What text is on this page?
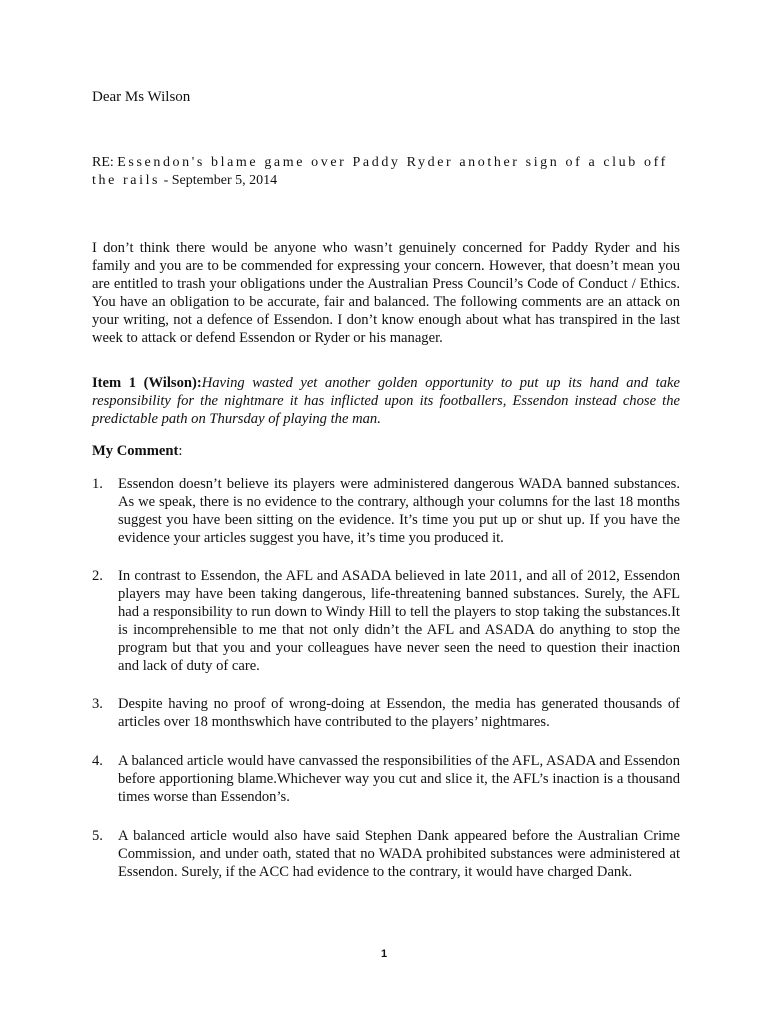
Dear Ms Wilson
RE: Essendon's blame game over Paddy Ryder another sign of a club off the rails - September 5, 2014

I don’t think there would be anyone who wasn’t genuinely concerned for Paddy Ryder and his family and you are to be commended for expressing your concern. However, that doesn’t mean you are entitled to trash your obligations under the Australian Press Council’s Code of Conduct / Ethics. You have an obligation to be accurate, fair and balanced. The following comments are an attack on your writing, not a defence of Essendon. I don’t know enough about what has transpired in the last week to attack or defend Essendon or Ryder or his manager.

Item 1 (Wilson):Having wasted yet another golden opportunity to put up its hand and take responsibility for the nightmare it has inflicted upon its footballers, Essendon instead chose the predictable path on Thursday of playing the man.

My Comment:
1. Essendon doesn’t believe its players were administered dangerous WADA banned substances. As we speak, there is no evidence to the contrary, although your columns for the last 18 months suggest you have been sitting on the evidence. It’s time you put up or shut up. If you have the evidence your articles suggest you have, it’s time you produced it.
2. In contrast to Essendon, the AFL and ASADA believed in late 2011, and all of 2012, Essendon players may have been taking dangerous, life-threatening banned substances. Surely, the AFL had a responsibility to run down to Windy Hill to tell the players to stop taking the substances.It is incomprehensible to me that not only didn’t the AFL and ASADA do anything to stop the program but that you and your colleagues have never seen the need to question their inaction and lack of duty of care.
3. Despite having no proof of wrong-doing at Essendon, the media has generated thousands of articles over 18 monthswhich have contributed to the players’ nightmares.
4. A balanced article would have canvassed the responsibilities of the AFL, ASADA and Essendon before apportioning blame.Whichever way you cut and slice it, the AFL’s inaction is a thousand times worse than Essendon’s.
5. A balanced article would also have said Stephen Dank appeared before the Australian Crime Commission, and under oath, stated that no WADA prohibited substances were administered at Essendon. Surely, if the ACC had evidence to the contrary, it would have charged Dank.
1
